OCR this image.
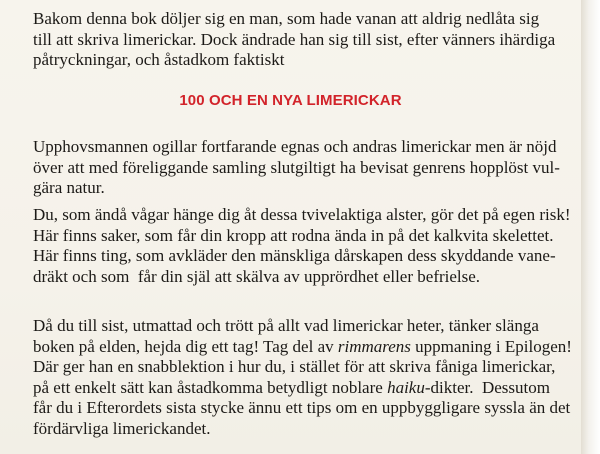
Bakom denna bok döljer sig en man, som hade vanan att aldrig nedlåta sig
till att skriva limerickar. Dock ändrade han sig till sist, efter vänners ihärdiga
påtryckningar, och åstadkom faktiskt
100 OCH EN NYA LIMERICKAR
Upphovsmannen ogillar fortfarande egnas och andras limerickar men är nöjd
över att med föreliggande samling slutgiltigt ha bevisat genrens hopplöst vul-
gära natur.
Du, som ändå vågar hänge dig åt dessa tvivelaktiga alster, gör det på egen risk!
Här finns saker, som får din kropp att rodna ända in på det kalkvita skelettet.
Här finns ting, som avkläder den mänskliga dårskapen dess skyddande vane-
dräkt och som  får din själ att skälva av upprördhet eller befrielse.
Då du till sist, utmattad och trött på allt vad limerickar heter, tänker slänga
boken på elden, hejda dig ett tag! Tag del av rimmarens uppmaning i Epilogen!
Där ger han en snabblektion i hur du, i stället för att skriva fåniga limerickar,
på ett enkelt sätt kan åstadkomma betydligt noblare haiku-dikter.  Dessutom
får du i Efterordets sista stycke ännu ett tips om en uppbyggligare syssla än det
fördärvliga limerickandet.
